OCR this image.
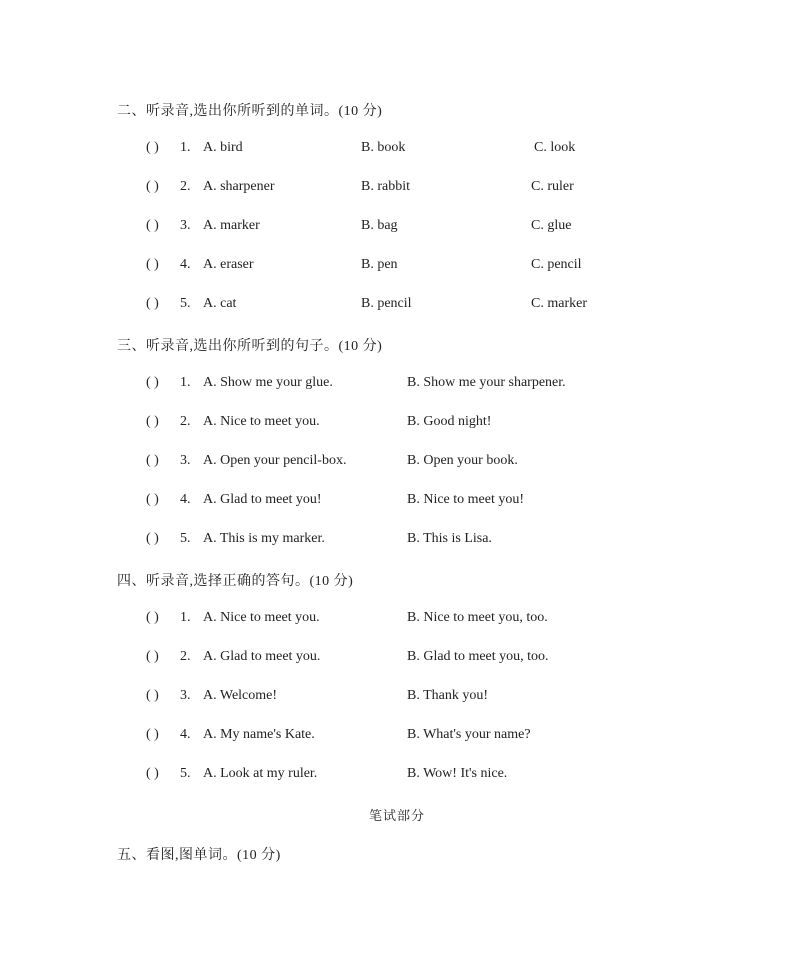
二、听录音,选出你所听到的单词。(10 分)
( ) 1. A. bird	B. book	C. look
( ) 2. A. sharpener	B. rabbit	C. ruler
( ) 3. A. marker	B. bag	C. glue
( ) 4. A. eraser	B. pen	C. pencil
( ) 5. A. cat	B. pencil	C. marker
三、听录音,选出你所听到的句子。(10 分)
( ) 1. A. Show me your glue.	B. Show me your sharpener.
( ) 2. A. Nice to meet you.	B. Good night!
( ) 3. A. Open your pencil-box.	B. Open your book.
( ) 4. A. Glad to meet you!	B. Nice to meet you!
( ) 5. A. This is my marker.	B. This is Lisa.
四、听录音,选择正确的答句。(10 分)
( ) 1. A. Nice to meet you.	B. Nice to meet you, too.
( ) 2. A. Glad to meet you.	B. Glad to meet you, too.
( ) 3. A. Welcome!	B. Thank you!
( ) 4. A. My name's Kate.	B. What's your name?
( ) 5. A. Look at my ruler.	B. Wow! It's nice.
笔试部分
五、看图,图单词。(10 分)
